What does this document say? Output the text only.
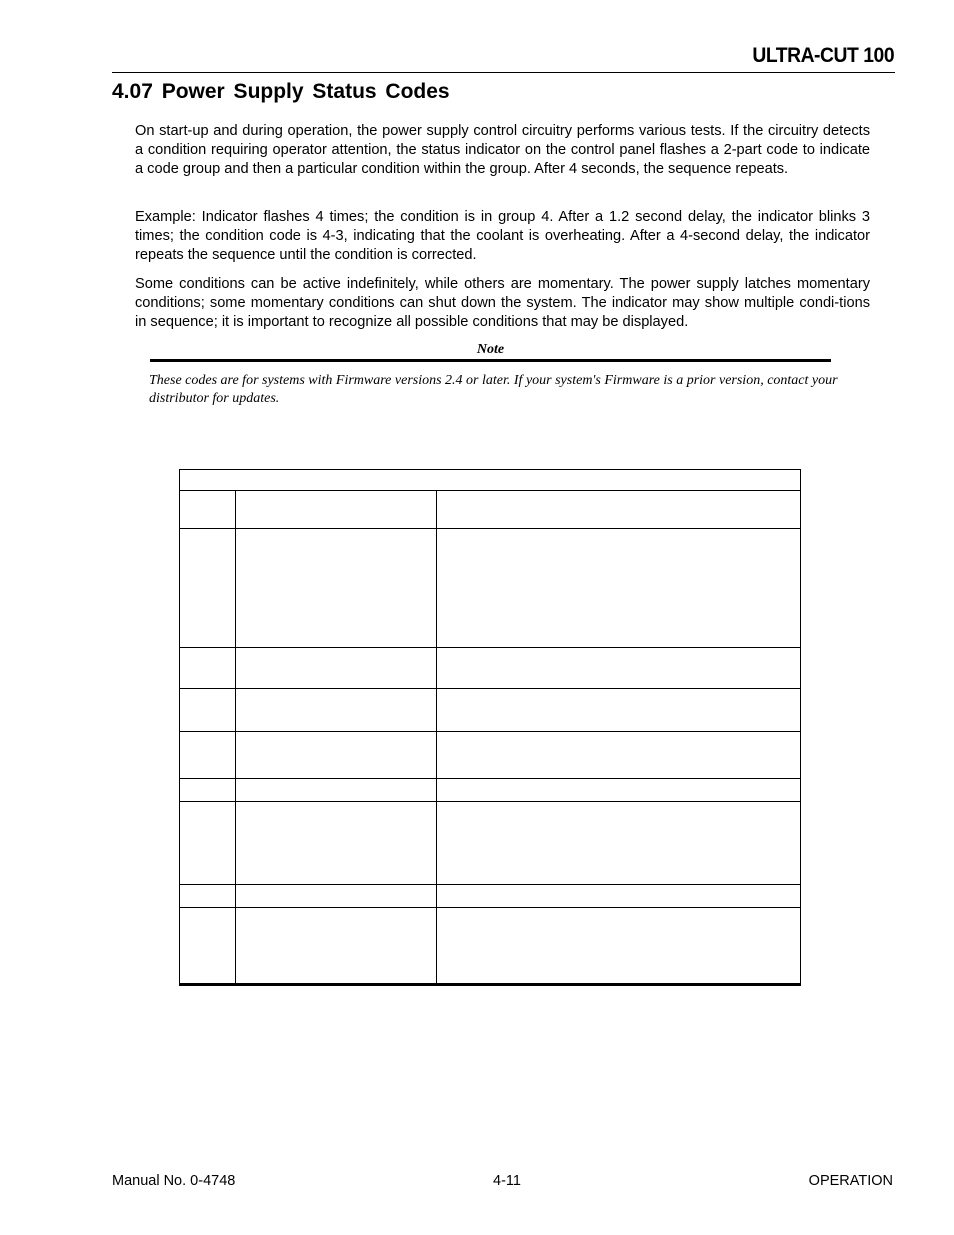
ULTRA-CUT 100
4.07 Power Supply Status Codes

On start-up and during operation, the power supply control circuitry performs various tests. If the circuitry detects a condition requiring operator attention, the status indicator on the control panel flashes a 2-part code to indicate a code group and then a particular condition within the group. After 4 seconds, the sequence repeats.

Example: Indicator flashes 4 times; the condition is in group 4. After a 1.2 second delay, the indicator blinks 3 times; the condition code is 4-3, indicating that the coolant is overheating. After a 4-second delay, the indicator repeats the sequence until the condition is corrected.

Some conditions can be active indefinitely, while others are momentary. The power supply latches momentary conditions; some momentary conditions can shut down the system. The indicator may show multiple condi-tions in sequence; it is important to recognize all possible conditions that may be displayed.

Note

These codes are for systems with Firmware versions 2.4 or later. If your system's Firmware is a prior version, contact your distributor for updates.

Manual No. 0-4748	4-11	OPERATION
